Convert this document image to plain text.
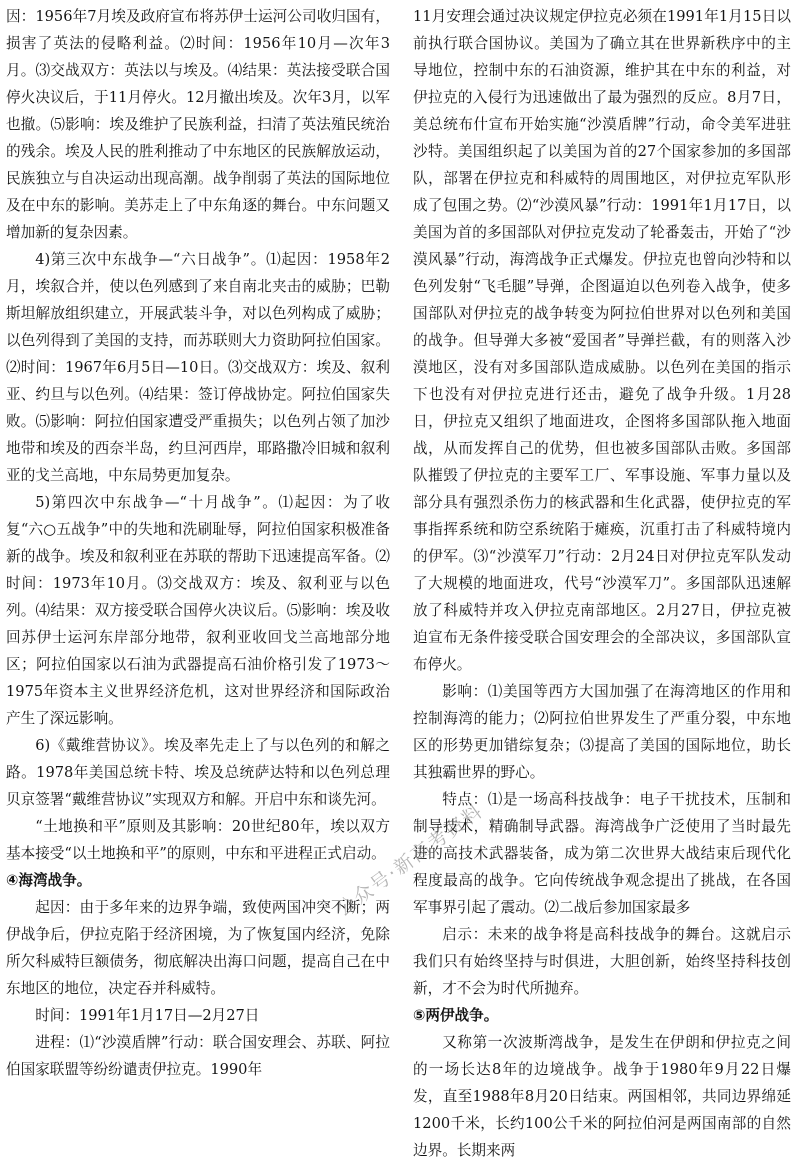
因：1956年7月埃及政府宣布将苏伊士运河公司收归国有，损害了英法的侵略利益。⑵时间：1956年10月—次年3月。⑶交战双方：英法以与埃及。⑷结果：英法接受联合国停火决议后，于11月停火。12月撤出埃及。次年3月，以军也撤。⑸影响：埃及维护了民族利益，扫清了英法殖民统治的残余。埃及人民的胜利推动了中东地区的民族解放运动，民族独立与自决运动出现高潮。战争削弱了英法的国际地位及在中东的影响。美苏走上了中东角逐的舞台。中东问题又增加新的复杂因素。

4)第三次中东战争—“六日战争”。⑴起因：1958年2月，埃叙合并，使以色列感到了来自南北夹击的威胁；巴勒斯坦解放组织建立，开展武装斗争，对以色列构成了威胁；以色列得到了美国的支持，而苏联则大力资助阿拉伯国家。⑵时间：1967年6月5日—10日。⑶交战双方：埃及、叙利亚、约旦与以色列。⑷结果：签订停战协定。阿拉伯国家失败。⑸影响：阿拉伯国家遭受严重损失；以色列占领了加沙地带和埃及的西奈半岛，约旦河西岸，耶路撒冷旧城和叙利亚的戈兰高地，中东局势更加复杂。

5)第四次中东战争—“十月战争”。⑴起因：为了收复“六○五战争”中的失地和洗刷耻辱，阿拉伯国家积极准备新的战争。埃及和叙利亚在苏联的帮助下迅速提高军备。⑵时间：1973年10月。⑶交战双方：埃及、叙利亚与以色列。⑷结果：双方接受联合国停火决议后。⑸影响：埃及收回苏伊士运河东岸部分地带，叙利亚收回戈兰高地部分地区；阿拉伯国家以石油为武器提高石油价格引发了1973～1975年资本主义世界经济危机，这对世界经济和国际政治产生了深远影响。

6)《戴维营协议》。埃及率先走上了与以色列的和解之路。1978年美国总统卡特、埃及总统萨达特和以色列总理贝京签署“戴维营协议”实现双方和解。开启中东和谈先河。

“土地换和平”原则及其影响：20世纪80年，埃以双方基本接受“以土地换和平”的原则，中东和平进程正式启动。

④海湾战争。

起因：由于多年来的边界争端，致使两国冲突不断；两伊战争后，伊拉克陷于经济困境，为了恢复国内经济，免除所欠科威特巨额债务，彻底解决出海口问题，提高自己在中东地区的地位，决定吞并科威特。

时间：1991年1月17日—2月27日

进程：⑴“沙漠盾牌”行动：联合国安理会、苏联、阿拉伯国家联盟等纷纷谴责伊拉克。1990年

11月安理会通过决议规定伊拉克必须在1991年1月15日以前执行联合国协议。美国为了确立其在世界新秩序中的主导地位，控制中东的石油资源，维护其在中东的利益，对伊拉克的入侵行为迅速做出了最为强烈的反应。8月7日，美总统布什宣布开始实施“沙漠盾牌”行动，命令美军进驻沙特。美国组织起了以美国为首的27个国家参加的多国部队，部署在伊拉克和科威特的周围地区，对伊拉克军队形成了包围之势。⑵“沙漠风暴”行动：1991年1月17日，以美国为首的多国部队对伊拉克发动了轮番轰击，开始了“沙漠风暴”行动，海湾战争正式爆发。伊拉克也曾向沙特和以色列发射“飞毛腿”导弹，企图逼迫以色列卷入战争，使多国部队对伊拉克的战争转变为阿拉伯世界对以色列和美国的战争。但导弹大多被“爱国者”导弹拦截，有的则落入沙漠地区，没有对多国部队造成威胁。以色列在美国的指示下也没有对伊拉克进行还击，避免了战争升级。1月28日，伊拉克又组织了地面进攻，企图将多国部队拖入地面战，从而发挥自己的优势，但也被多国部队击败。多国部队摧毁了伊拉克的主要军工厂、军事设施、军事力量以及部分具有强烈杀伤力的核武器和生化武器，使伊拉克的军事指挥系统和防空系统陷于瘫痪，沉重打击了科威特境内的伊军。⑶“沙漠军刀”行动：2月24日对伊拉克军队发动了大规模的地面进攻，代号“沙漠军刀”。多国部队迅速解放了科威特并攻入伊拉克南部地区。2月27日，伊拉克被迫宣布无条件接受联合国安理会的全部决议，多国部队宣布停火。

影响：⑴美国等西方大国加强了在海湾地区的作用和控制海湾的能力；⑵阿拉伯世界发生了严重分裂，中东地区的形势更加错综复杂；⑶提高了美国的国际地位，助长其独霸世界的野心。

特点：⑴是一场高科技战争：电子干扰技术，压制和制导技术，精确制导武器。海湾战争广泛使用了当时最先进的高技术武器装备，成为第二次世界大战结束后现代化程度最高的战争。它向传统战争观念提出了挑战，在各国军事界引起了震动。⑵二战后参加国家最多

启示：未来的战争将是高科技战争的舞台。这就启示我们只有始终坚持与时俱进，大胆创新，始终坚持科技创新，才不会为时代所抛弃。

⑤两伊战争。

又称第一次波斯湾战争，是发生在伊朗和伊拉克之间的一场长达8年的边境战争。战争于1980年9月22日爆发，直至1988年8月20日结束。两国相邻，共同边界绵延1200千米，长约100公千米的阿拉伯河是两国南部的自然边界。长期来两

公众号·新高考资料
